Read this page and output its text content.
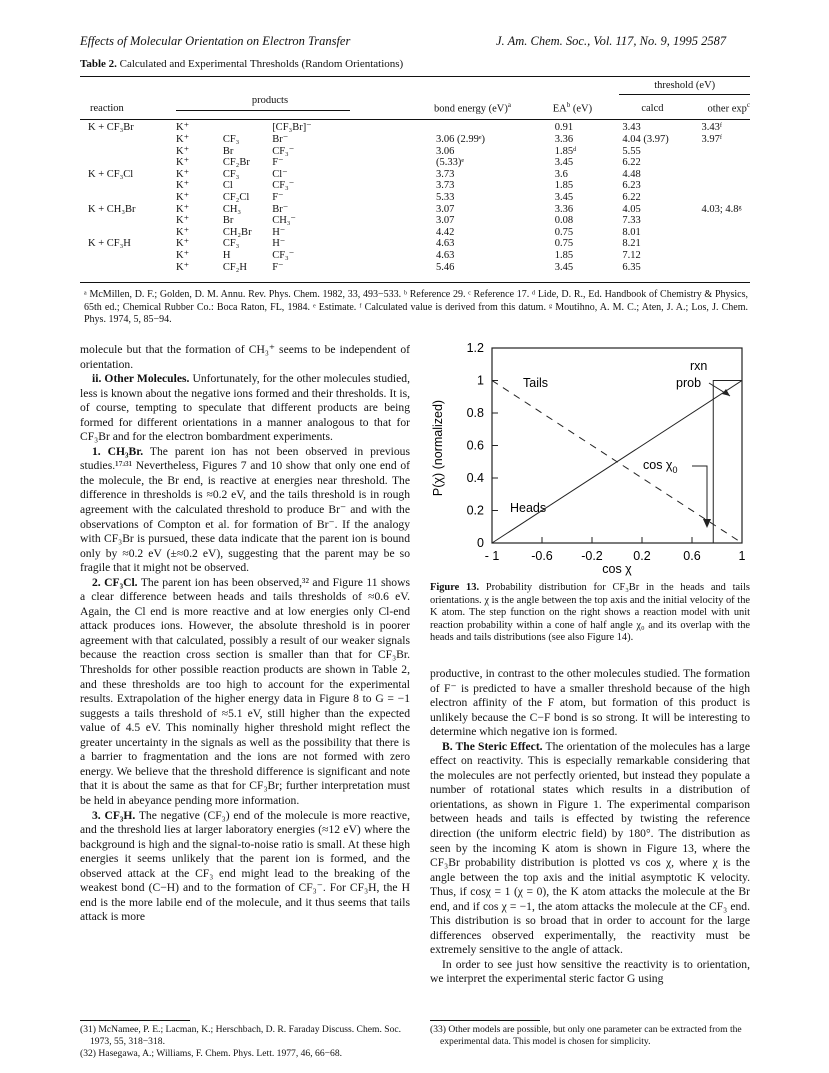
Effects of Molecular Orientation on Electron Transfer	J. Am. Chem. Soc., Vol. 117, No. 9, 1995 2587
Table 2. Calculated and Experimental Thresholds (Random Orientations)
						threshold (eV)	
reaction	products			bond energy (eV)$^a$	$EA^b$ (eV)	calcd	other $\exp^c$
K + CF₃Br	K⁺		[CF₃Br]⁻		0.91	3.43	3.43ᶠ
	K⁺	CF₃	Br⁻	3.06 (2.99ᵉ)	3.36	4.04 (3.97)	3.97ᶠ
	K⁺	Br	CF₃⁻	3.06	1.85ᵈ	5.55	
	K⁺	CF₂Br	F⁻	(5.33)ᵉ	3.45	6.22	
K + CF₃Cl	K⁺	CF₃	Cl⁻	3.73	3.6	4.48	
	K⁺	Cl	CF₃⁻	3.73	1.85	6.23	
	K⁺	CF₂Cl	F⁻	5.33	3.45	6.22	
K + CH₃Br	K⁺	CH₃	Br⁻	3.07	3.36	4.05	4.03; 4.8ᵍ
	K⁺	Br	CH₃⁻	3.07	0.08	7.33	
	K⁺	CH₂Br	H⁻	4.42	0.75	8.01	
K + CF₃H	K⁺	CF₃	H⁻	4.63	0.75	8.21	
	K⁺	H	CF₃⁻	4.63	1.85	7.12	
	K⁺	CF₂H	F⁻	5.46	3.45	6.35	
ᵃ McMillen, D. F.; Golden, D. M. Annu. Rev. Phys. Chem. 1982, 33, 493−533. ᵇ Reference 29. ᶜ Reference 17. ᵈ Lide, D. R., Ed. Handbook of Chemistry & Physics, 65th ed.; Chemical Rubber Co.: Boca Raton, FL, 1984. ᵉ Estimate. ᶠ Calculated value is derived from this datum. ᵍ Moutihno, A. M. C.; Aten, J. A.; Los, J. Chem. Phys. 1974, 5, 85−94.

molecule but that the formation of CH₃⁺ seems to be independent of orientation.

ii. Other Molecules. Unfortunately, for the other molecules studied, less is known about the negative ions formed and their thresholds. It is, of course, tempting to speculate that different products are being formed for different orientations in a manner analogous to that for CF₃Br and for the electron bombardment experiments.

1. CH₃Br. The parent ion has not been observed in previous studies.¹⁷ʴ³¹ Nevertheless, Figures 7 and 10 show that only one end of the molecule, the Br end, is reactive at energies near threshold. The difference in thresholds is ≈0.2 eV, and the tails threshold is in rough agreement with the calculated threshold to produce Br⁻ and with the observations of Compton et al. for formation of Br⁻. If the analogy with CF₃Br is pursued, these data indicate that the parent ion is bound only by ≈0.2 eV (±≈0.2 eV), suggesting that the parent may be so fragile that it might not be observed.

2. CF₃Cl. The parent ion has been observed,³² and Figure 11 shows a clear difference between heads and tails thresholds of ≈0.6 eV. Again, the Cl end is more reactive and at low energies only Cl-end attack produces ions. However, the absolute threshold is in poorer agreement with that calculated, possibly a result of our weaker signals because the reaction cross section is smaller than that for CF₃Br. Thresholds for other possible reaction products are shown in Table 2, and these thresholds are too high to account for the experimental results. Extrapolation of the higher energy data in Figure 8 to G = −1 suggests a tails threshold of ≈5.1 eV, still higher than the expected value of 4.5 eV. This nominally higher threshold might reflect the greater uncertainty in the signals as well as the possibility that there is a barrier to fragmentation and the ions are not formed with zero energy. We believe that the threshold difference is significant and note that it is about the same as that for CF₃Br; further interpretation must be held in abeyance pending more information.

3. CF₃H. The negative (CF₃) end of the molecule is more reactive, and the threshold lies at larger laboratory energies (≈12 eV) where the background is high and the signal-to-noise ratio is small. At these high energies it seems unlikely that the parent ion is formed, and the observed attack at the CF₃ end might lead to the breaking of the weakest bond (C−H) and to the formation of CF₃⁻. For CF₃H, the H end is the more labile end of the molecule, and it thus seems that tails attack is more

(31) McNamee, P. E.; Lacman, K.; Herschbach, D. R. Faraday Discuss. Chem. Soc. 1973, 55, 318−318.

(32) Hasegawa, A.; Williams, F. Chem. Phys. Lett. 1977, 46, 66−68.

0
0.2
0.4
0.6
0.8
1
1.2
- 1	-0.6 -0.2 0.2	0.6	1
P(χ) (normalized)
cos χ
Tails
Heads
rxn
prob
$\cos \chi_0$
Figure 13. Probability distribution for CF₃Br in the heads and tails orientations. χ is the angle between the top axis and the initial velocity of the K atom. The step function on the right shows a reaction model with unit reaction probability within a cone of half angle χ₀ and its overlap with the heads and tails distributions (see also Figure 14).

productive, in contrast to the other molecules studied. The formation of F⁻ is predicted to have a smaller threshold because of the high electron affinity of the F atom, but formation of this product is unlikely because the C−F bond is so strong. It will be interesting to determine which negative ion is formed.

B. The Steric Effect. The orientation of the molecules has a large effect on reactivity. This is especially remarkable considering that the molecules are not perfectly oriented, but instead they populate a number of rotational states which results in a distribution of orientations, as shown in Figure 1. The experimental comparison between heads and tails is effected by twisting the reference direction (the uniform electric field) by 180°. The distribution as seen by the incoming K atom is shown in Figure 13, where the CF₃Br probability distribution is plotted vs cos χ, where χ is the angle between the top axis and the initial asymptotic K velocity. Thus, if cosχ = 1 (χ = 0), the K atom attacks the molecule at the Br end, and if cos χ = −1, the atom attacks the molecule at the CF₃ end. This distribution is so broad that in order to account for the large differences observed experimentally, the reactivity must be extremely sensitive to the angle of attack.

In order to see just how sensitive the reactivity is to orientation, we interpret the experimental steric factor G using

(33) Other models are possible, but only one parameter can be extracted from the experimental data. This model is chosen for simplicity.
